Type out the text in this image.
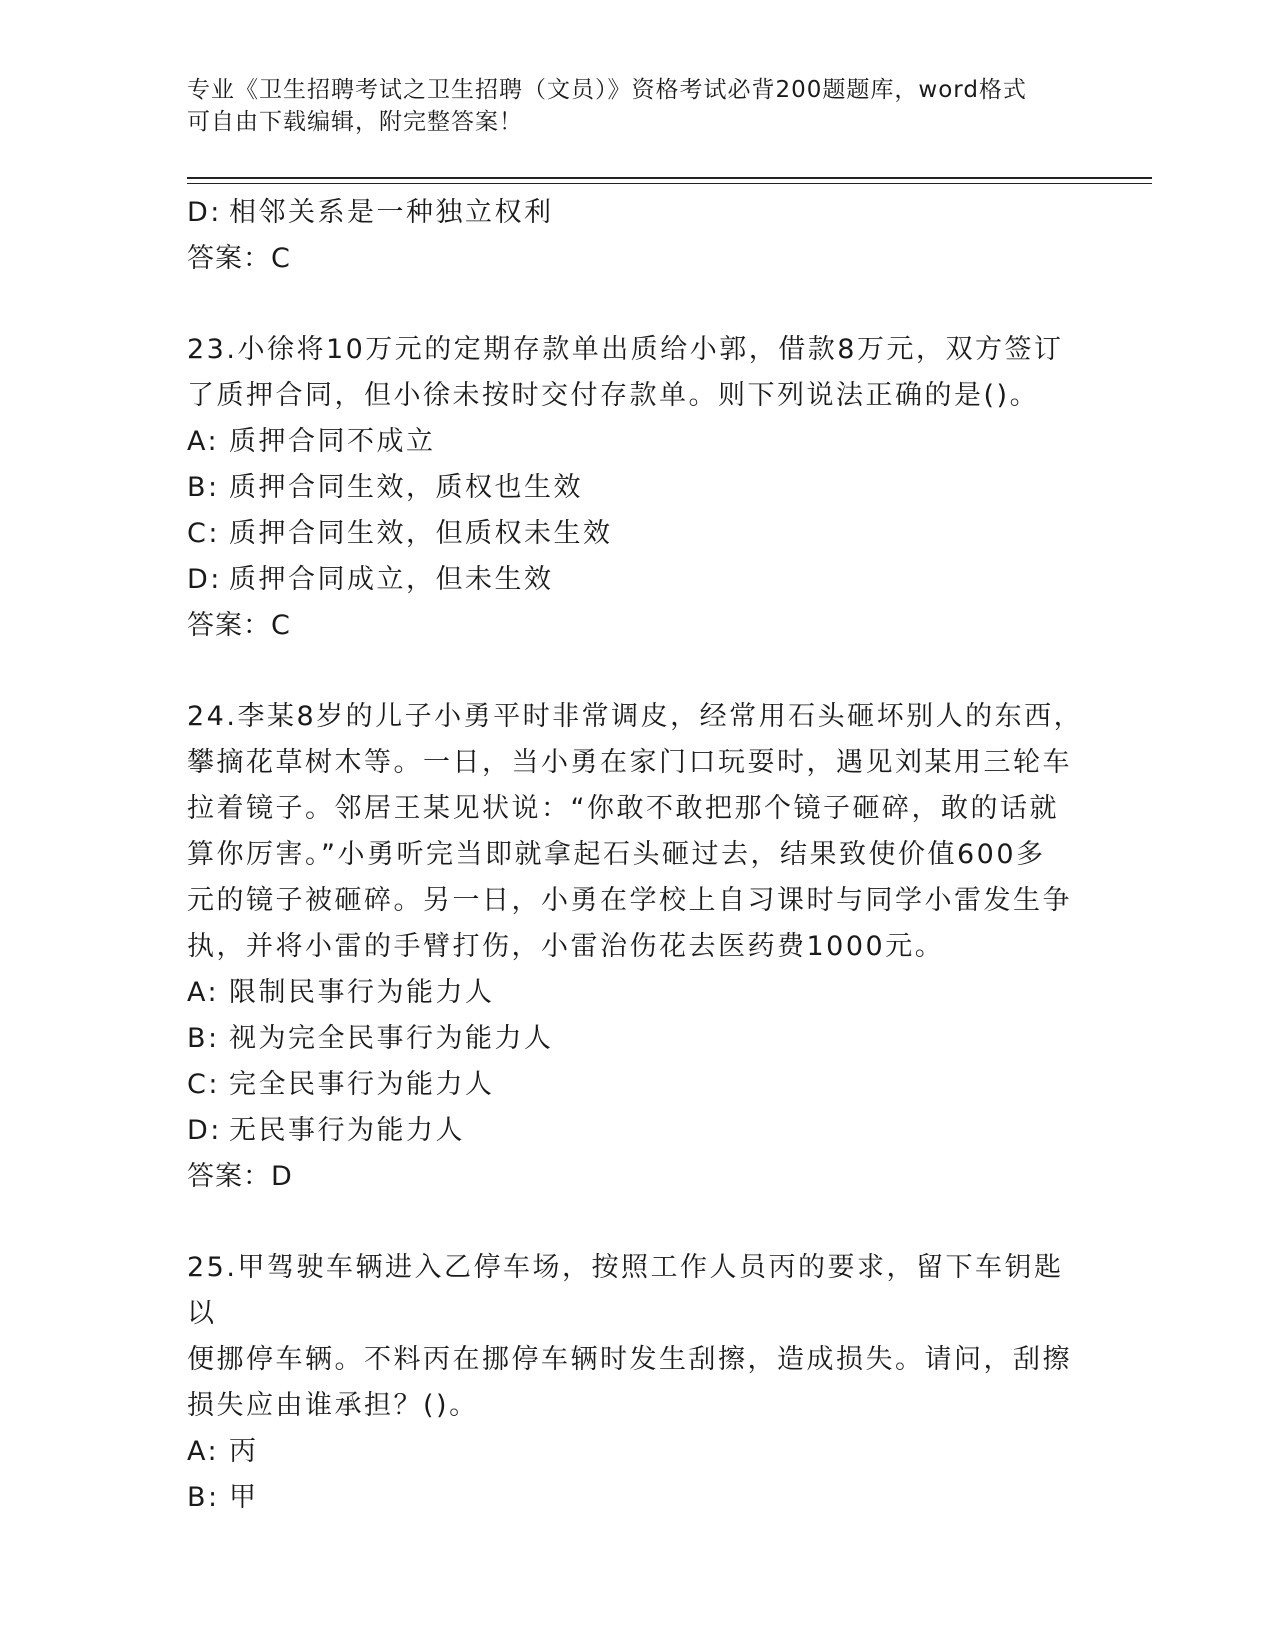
专业《卫生招聘考试之卫生招聘（文员）》资格考试必背200题题库，word格式
可自由下载编辑，附完整答案！
D: 相邻关系是一种独立权利
答案：C
23.小徐将10万元的定期存款单出质给小郭，借款8万元，双方签订
了质押合同，但小徐未按时交付存款单。则下列说法正确的是()。
A: 质押合同不成立
B: 质押合同生效，质权也生效
C: 质押合同生效，但质权未生效
D: 质押合同成立，但未生效
答案：C
24.李某8岁的儿子小勇平时非常调皮，经常用石头砸坏别人的东西，
攀摘花草树木等。一日，当小勇在家门口玩耍时，遇见刘某用三轮车
拉着镜子。邻居王某见状说：“你敢不敢把那个镜子砸碎，敢的话就
算你厉害。”小勇听完当即就拿起石头砸过去，结果致使价值600多
元的镜子被砸碎。另一日，小勇在学校上自习课时与同学小雷发生争
执，并将小雷的手臂打伤，小雷治伤花去医药费1000元。
A: 限制民事行为能力人
B: 视为完全民事行为能力人
C: 完全民事行为能力人
D: 无民事行为能力人
答案：D
25.甲驾驶车辆进入乙停车场，按照工作人员丙的要求，留下车钥匙以
便挪停车辆。不料丙在挪停车辆时发生刮擦，造成损失。请问，刮擦
损失应由谁承担？()。
A: 丙
B: 甲
